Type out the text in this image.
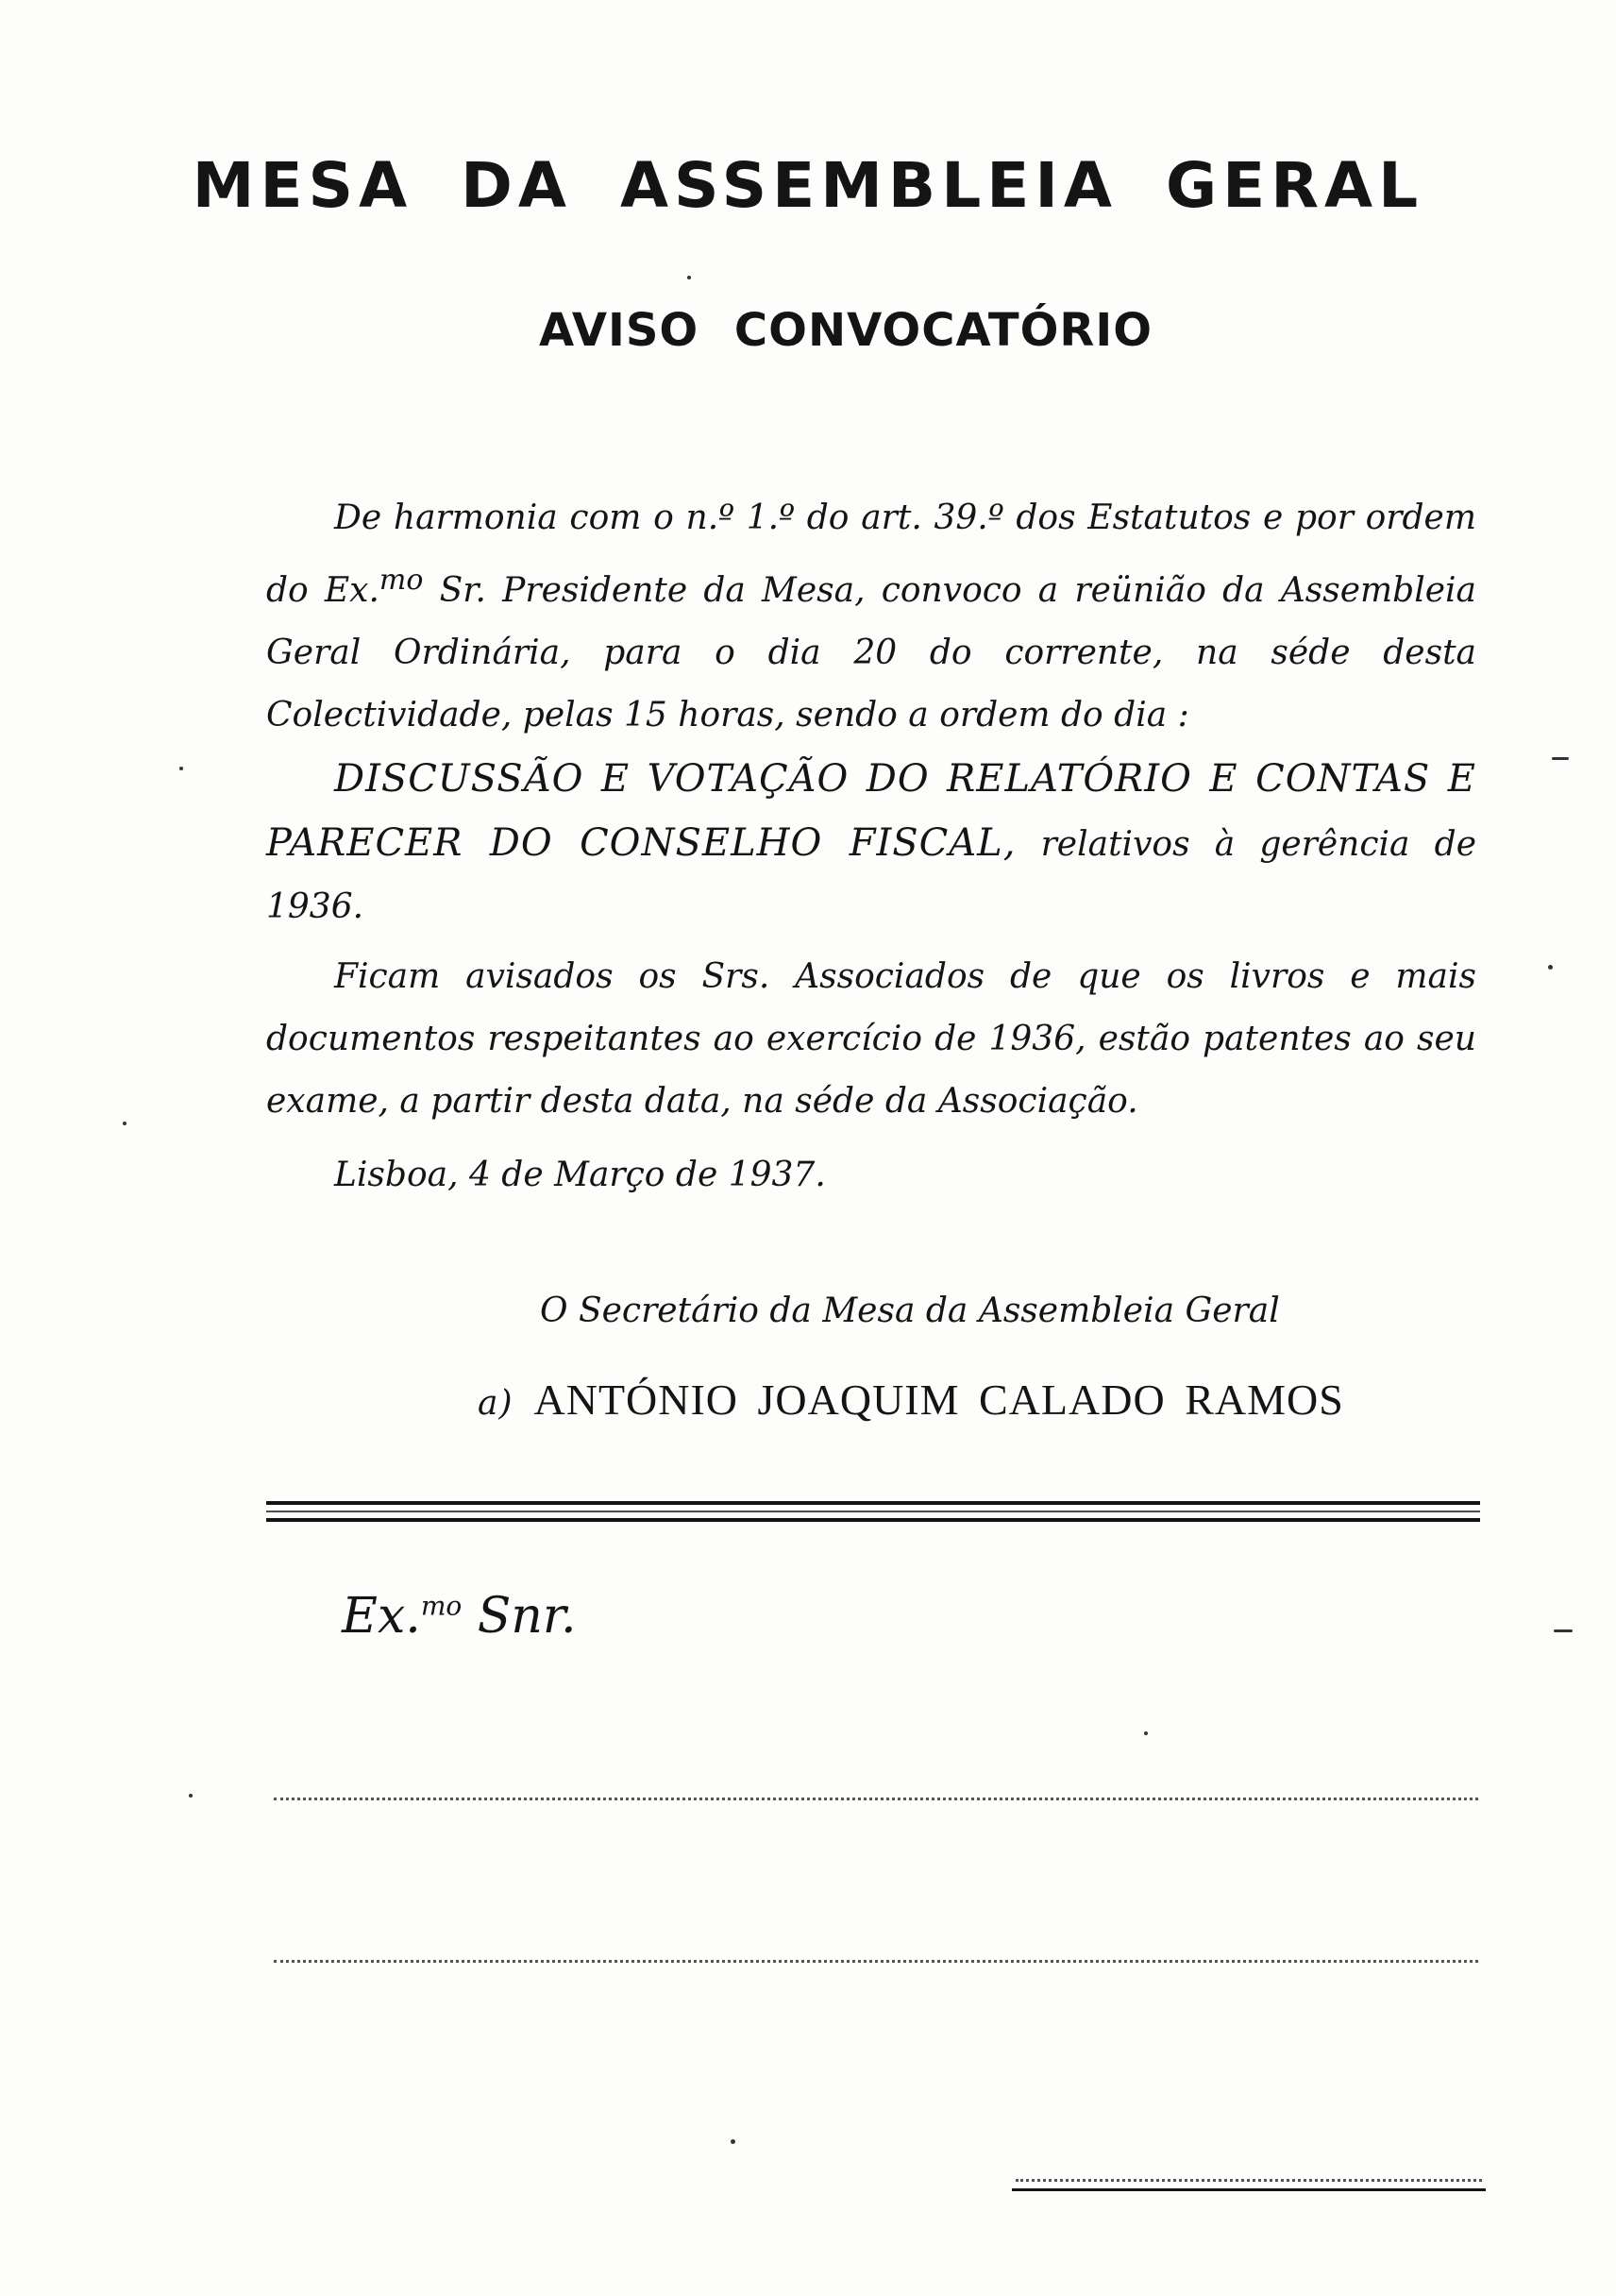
MESA DA ASSEMBLEIA GERAL
AVISO CONVOCATÓRIO

De harmonia com o n.º 1.º do art. 39.º dos Estatutos e por ordem do Ex.$^{mo}$ Sr. Presidente da Mesa, convoco a reünião da Assembleia Geral Ordinária, para o dia 20 do corrente, na séde desta Colectividade, pelas 15 horas, sendo a ordem do dia :

DISCUSSÃO E VOTAÇÃO DO RELATÓRIO E CONTAS E PARECER DO CONSELHO FISCAL, relativos à gerência de 1936.

Ficam avisados os Srs. Associados de que os livros e mais documentos respeitantes ao exercício de 1936, estão patentes ao seu exame, a partir desta data, na séde da Associação.

Lisboa, 4 de Março de 1937.

O Secretário da Mesa da Assembleia Geral

a) ANTÓNIO JOAQUIM CALADO RAMOS

Ex.$^{mo}$ Snr.
